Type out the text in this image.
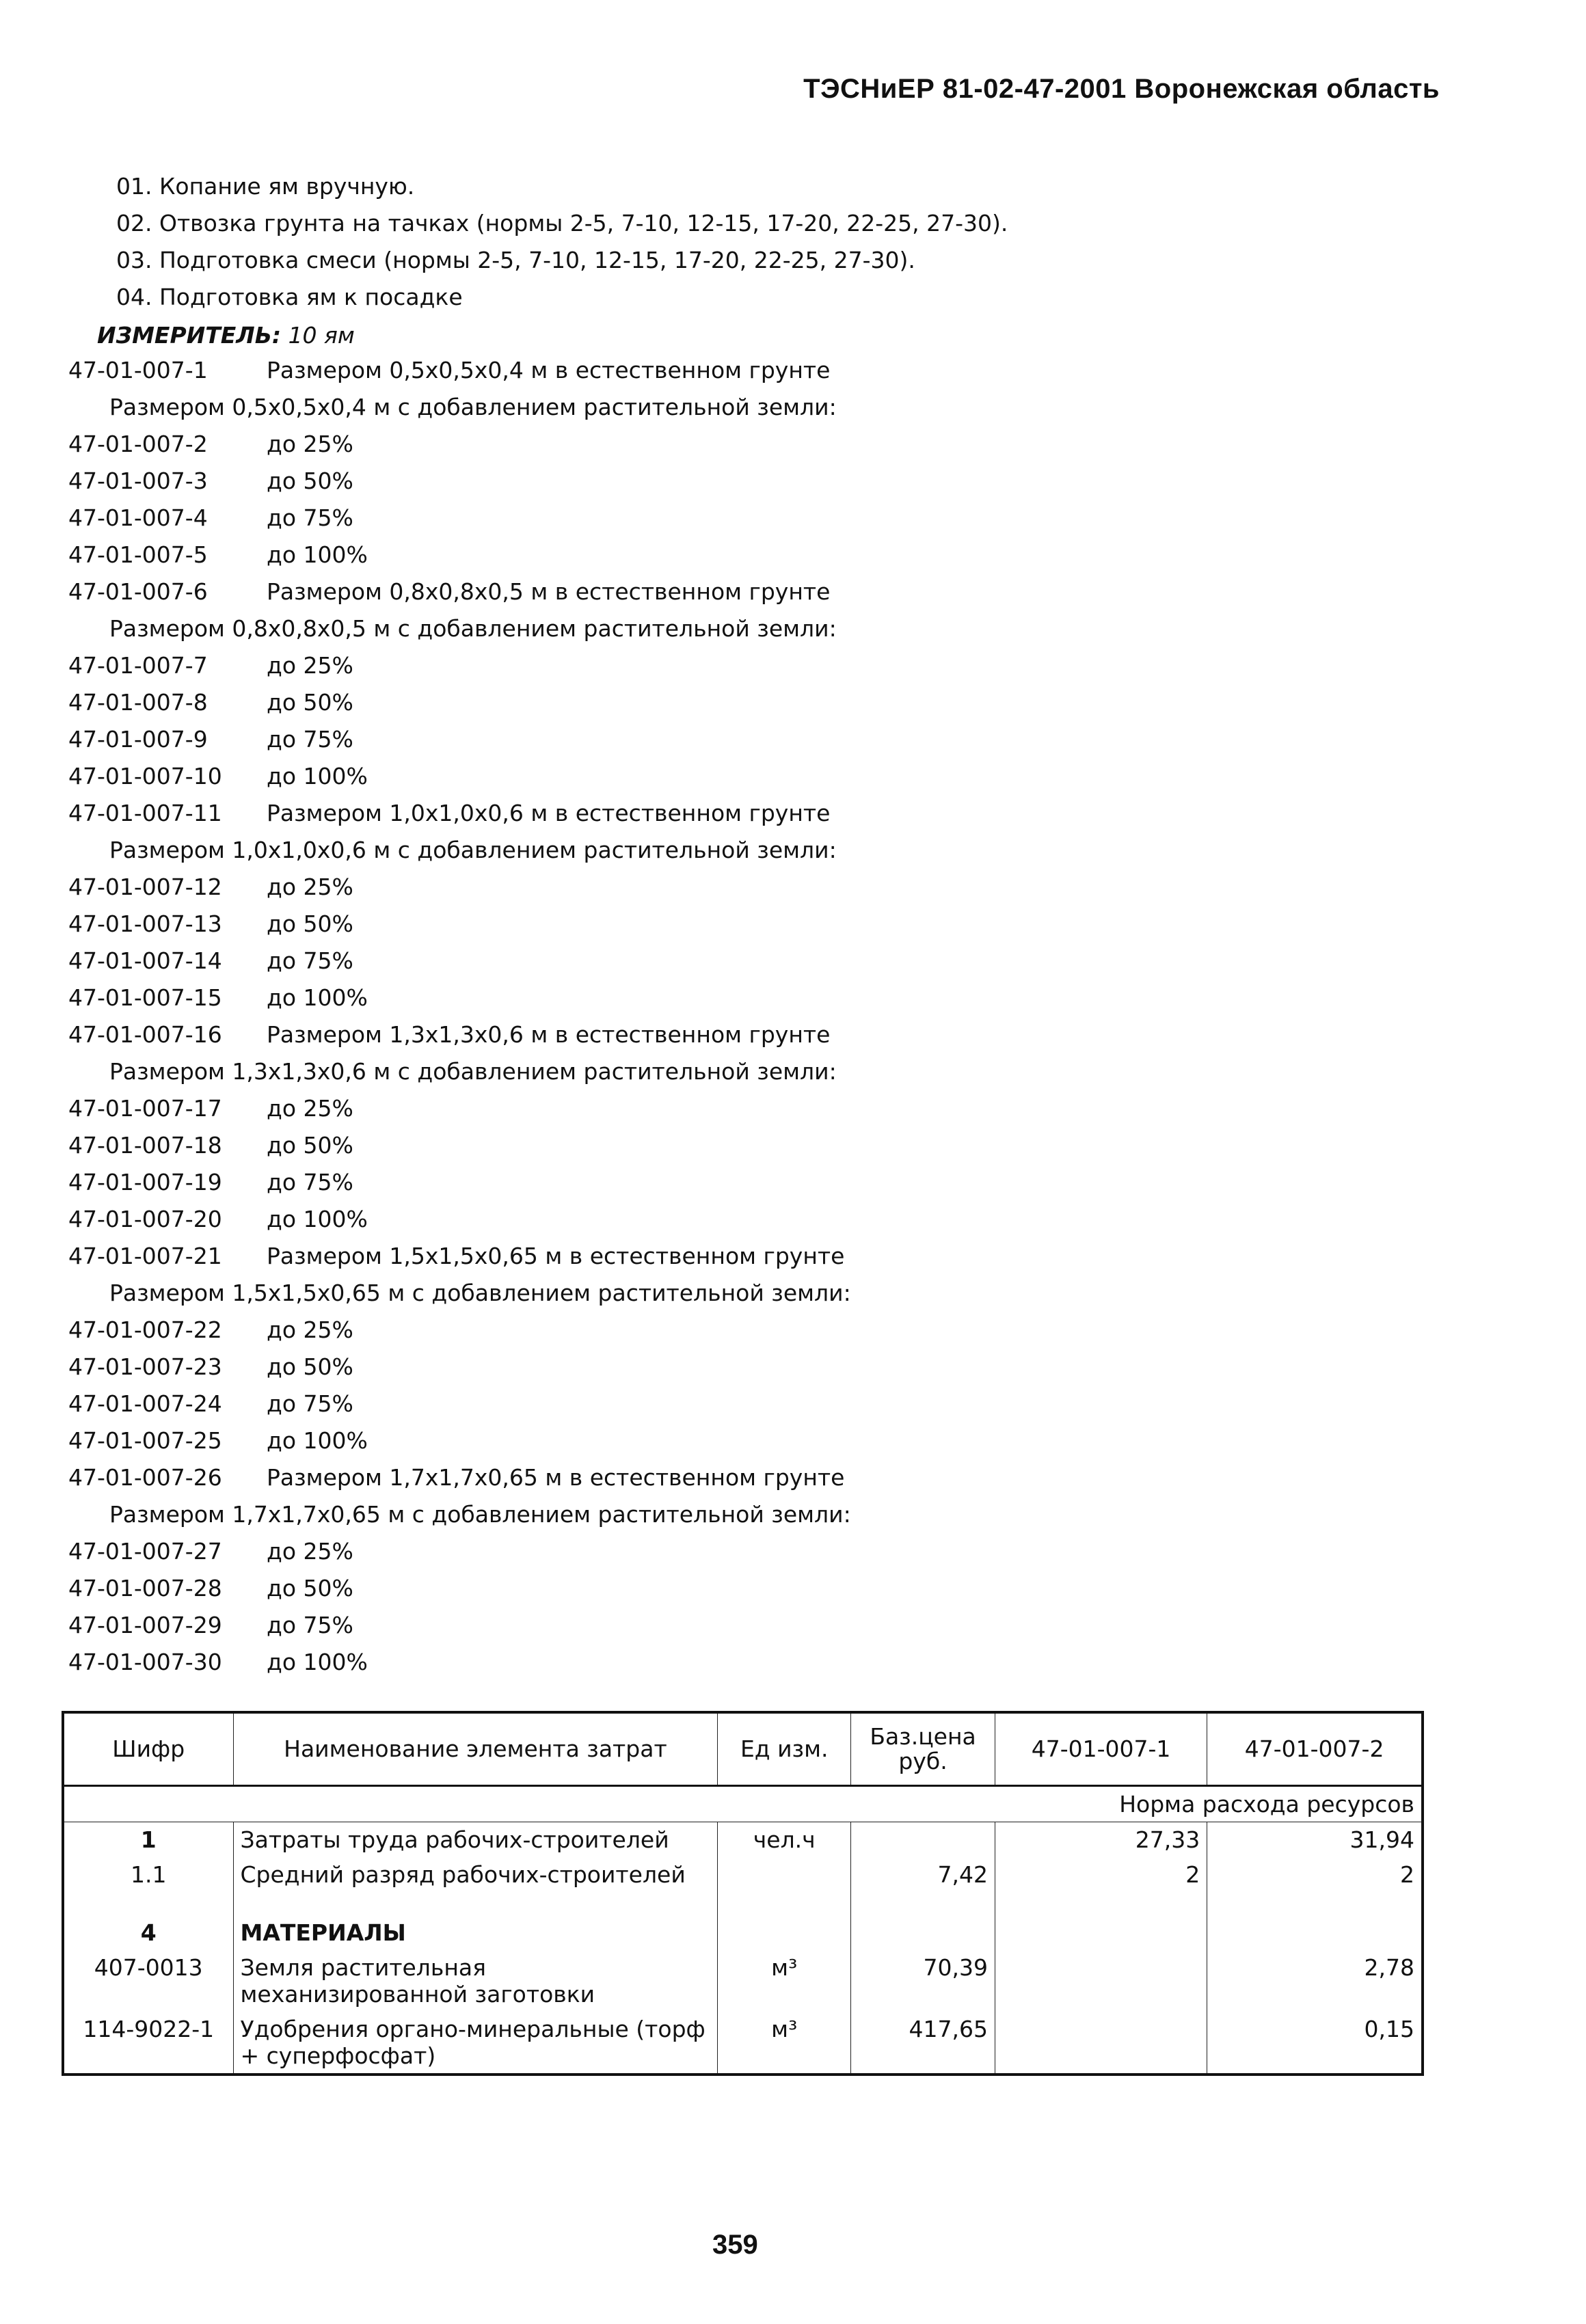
ТЭСНиЕР 81-02-47-2001 Воронежская область
01. Копание ям вручную.
02. Отвозка грунта на тачках (нормы 2-5, 7-10, 12-15, 17-20, 22-25, 27-30).
03. Подготовка смеси (нормы 2-5, 7-10, 12-15, 17-20, 22-25, 27-30).
04. Подготовка ям к посадке
ИЗМЕРИТЕЛЬ: 10 ям
47-01-007-1	Размером 0,5х0,5х0,4 м в естественном грунте
Размером 0,5х0,5х0,4 м с добавлением растительной земли:
47-01-007-2	до 25%
47-01-007-3	до 50%
47-01-007-4	до 75%
47-01-007-5	до 100%
47-01-007-6	Размером 0,8х0,8х0,5 м в естественном грунте
Размером 0,8х0,8х0,5 м с добавлением растительной земли:
47-01-007-7	до 25%
47-01-007-8	до 50%
47-01-007-9	до 75%
47-01-007-10 до 100%
47-01-007-11 Размером 1,0х1,0х0,6 м в естественном грунте
Размером 1,0х1,0х0,6 м с добавлением растительной земли:
47-01-007-12 до 25%
47-01-007-13 до 50%
47-01-007-14 до 75%
47-01-007-15 до 100%
47-01-007-16 Размером 1,3х1,3х0,6 м в естественном грунте
Размером 1,3х1,3х0,6 м с добавлением растительной земли:
47-01-007-17 до 25%
47-01-007-18 до 50%
47-01-007-19 до 75%
47-01-007-20 до 100%
47-01-007-21 Размером 1,5х1,5х0,65 м в естественном грунте
Размером 1,5х1,5х0,65 м с добавлением растительной земли:
47-01-007-22 до 25%
47-01-007-23 до 50%
47-01-007-24 до 75%
47-01-007-25 до 100%
47-01-007-26 Размером 1,7х1,7х0,65 м в естественном грунте
Размером 1,7х1,7х0,65 м с добавлением растительной земли:
47-01-007-27 до 25%
47-01-007-28 до 50%
47-01-007-29 до 75%
47-01-007-30 до 100%
Шифр	Наименование элемента затрат	Ед изм.	Баз.цена руб.	47-01-007-1	47-01-007-2
Норма расхода ресурсов					
1	Затраты труда рабочих-строителей	чел.ч		27,33	31,94
1.1	Средний разряд рабочих-строителей		7,42	2	2

4	МАТЕРИАЛЫ				
407-0013	Земля растительная механизированной заготовки	м³	70,39		2,78
114-9022-1	Удобрения органо-минеральные (торф + суперфосфат)	м³	417,65		0,15
359
